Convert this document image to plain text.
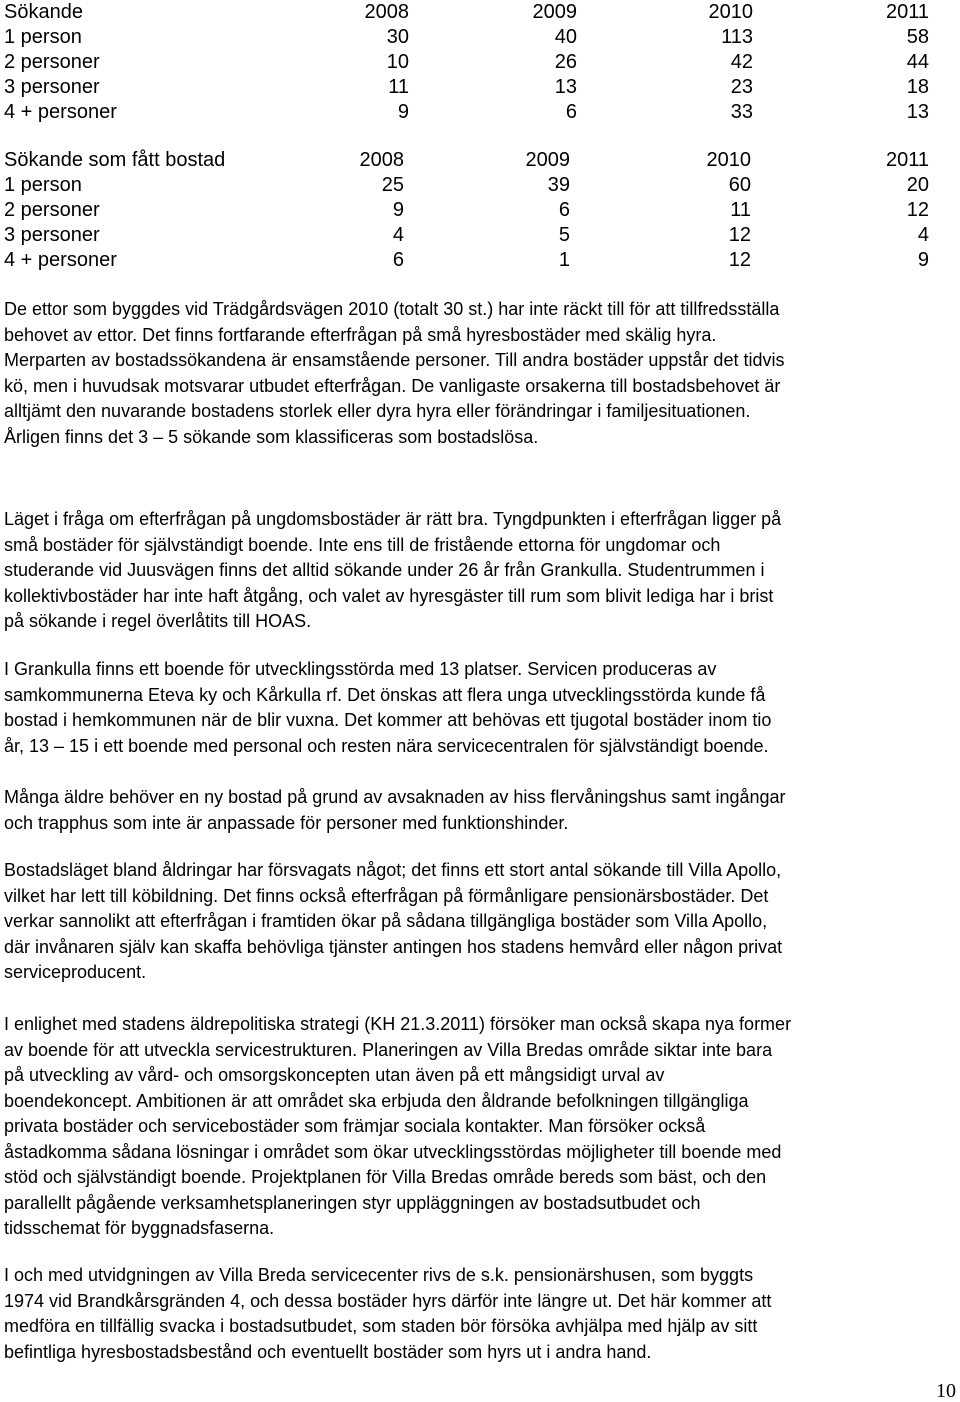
Sökande	2008	2009	2010	2011
1 person	30	40	113	58
2 personer	10	26	42	44
3 personer	11	13	23	18
4 + personer	9	6	33	13
Sökande som fått bostad	2008	2009	2010	2011
1 person	25	39	60	20
2 personer	9	6	11	12
3 personer	4	5	12	4
4 + personer	6	1	12	9

De ettor som byggdes vid Trädgårdsvägen 2010 (totalt 30 st.) har inte räckt till för att tillfredsställa

behovet av ettor. Det finns fortfarande efterfrågan på små hyresbostäder med skälig hyra.

Merparten av bostadssökandena är ensamstående personer. Till andra bostäder uppstår det tidvis

kö, men i huvudsak motsvarar utbudet efterfrågan. De vanligaste orsakerna till bostadsbehovet är

alltjämt den nuvarande bostadens storlek eller dyra hyra eller förändringar i familjesituationen.

Årligen finns det 3 – 5 sökande som klassificeras som bostadslösa.

Läget i fråga om efterfrågan på ungdomsbostäder är rätt bra. Tyngdpunkten i efterfrågan ligger på

små bostäder för självständigt boende. Inte ens till de fristående ettorna för ungdomar och

studerande vid Juusvägen finns det alltid sökande under 26 år från Grankulla. Studentrummen i

kollektivbostäder har inte haft åtgång, och valet av hyresgäster till rum som blivit lediga har i brist

på sökande i regel överlåtits till HOAS.

I Grankulla finns ett boende för utvecklingsstörda med 13 platser. Servicen produceras av

samkommunerna Eteva ky och Kårkulla rf. Det önskas att flera unga utvecklingsstörda kunde få

bostad i hemkommunen när de blir vuxna. Det kommer att behövas ett tjugotal bostäder inom tio

år, 13 – 15 i ett boende med personal och resten nära servicecentralen för självständigt boende.

Många äldre behöver en ny bostad på grund av avsaknaden av hiss flervåningshus samt ingångar

och trapphus som inte är anpassade för personer med funktionshinder.

Bostadsläget bland åldringar har försvagats något; det finns ett stort antal sökande till Villa Apollo,

vilket har lett till köbildning. Det finns också efterfrågan på förmånligare pensionärsbostäder. Det

verkar sannolikt att efterfrågan i framtiden ökar på sådana tillgängliga bostäder som Villa Apollo,

där invånaren själv kan skaffa behövliga tjänster antingen hos stadens hemvård eller någon privat

serviceproducent.

I enlighet med stadens äldrepolitiska strategi (KH 21.3.2011) försöker man också skapa nya former

av boende för att utveckla servicestrukturen. Planeringen av Villa Bredas område siktar inte bara

på utveckling av vård- och omsorgskoncepten utan även på ett mångsidigt urval av

boendekoncept. Ambitionen är att området ska erbjuda den åldrande befolkningen tillgängliga

privata bostäder och servicebostäder som främjar sociala kontakter. Man försöker också

åstadkomma sådana lösningar i området som ökar utvecklingsstördas möjligheter till boende med

stöd och självständigt boende. Projektplanen för Villa Bredas område bereds som bäst, och den

parallellt pågående verksamhetsplaneringen styr uppläggningen av bostadsutbudet och

tidsschemat för byggnadsfaserna.

I och med utvidgningen av Villa Breda servicecenter rivs de s.k. pensionärshusen, som byggts

1974 vid Brandkårsgränden 4, och dessa bostäder hyrs därför inte längre ut. Det här kommer att

medföra en tillfällig svacka i bostadsutbudet, som staden bör försöka avhjälpa med hjälp av sitt

befintliga hyresbostadsbestånd och eventuellt bostäder som hyrs ut i andra hand.

10
